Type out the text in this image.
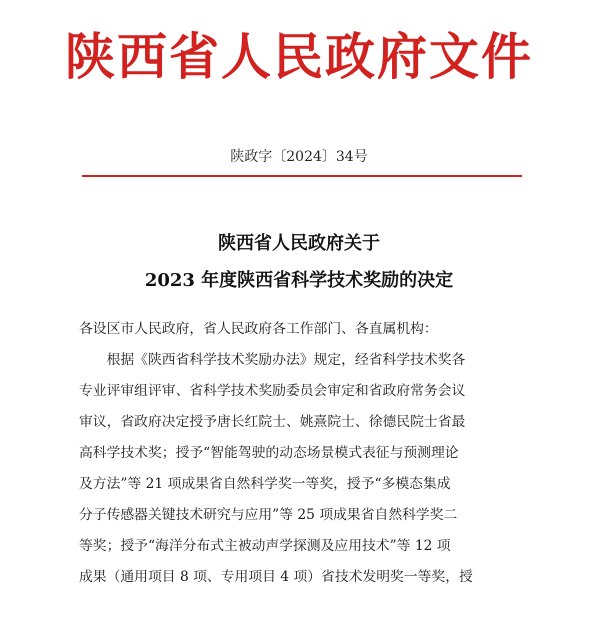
陕西省人民政府文件
陕政字〔2024〕34号
陕西省人民政府关于
2023 年度陕西省科学技术奖励的决定
各设区市人民政府，省人民政府各工作部门、各直属机构：
　　根据《陕西省科学技术奖励办法》规定，经省科学技术奖各
专业评审组评审、省科学技术奖励委员会审定和省政府常务会议
审议，省政府决定授予唐长红院士、姚熹院士、徐德民院士省最
高科学技术奖；授予“智能驾驶的动态场景模式表征与预测理论
及方法”等 21 项成果省自然科学奖一等奖，授予“多模态集成
分子传感器关键技术研究与应用”等 25 项成果省自然科学奖二
等奖；授予“海洋分布式主被动声学探测及应用技术”等 12 项
成果（通用项目 8 项、专用项目 4 项）省技术发明奖一等奖，授
